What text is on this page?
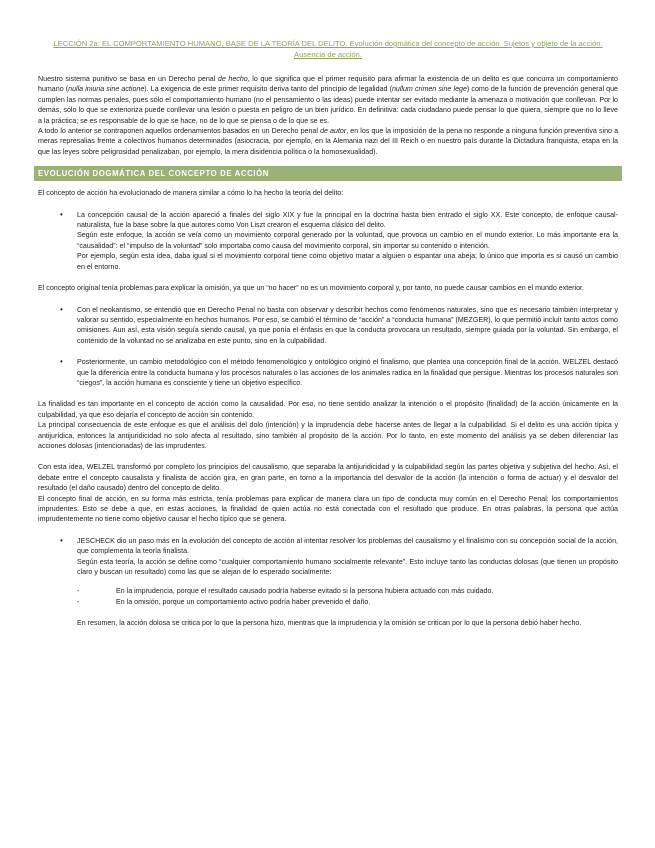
LECCIÓN 2a: EL COMPORTAMIENTO HUMANO, BASE DE LA TEORÍA DEL DELITO. Evolución dogmática del concepto de acción. Sujetos y objeto de la acción. Ausencia de acción.

Nuestro sistema punitivo se basa en un Derecho penal de hecho, lo que significa que el primer requisito para afirmar la existencia de un delito es que concurra un comportamiento humano (nulla iniuria sine actione). La exigencia de este primer requisito deriva tanto del principio de legalidad (nullum crimen sine lege) como de la función de prevención general que cumplen las normas penales, pues sólo el comportamiento humano (no el pensamiento o las ideas) puede intentar ser evitado mediante la amenaza o motivación que conllevan. Por lo demás, sólo lo que se exterioriza puede conllevar una lesión o puesta en peligro de un bien jurídico. En definitiva: cada ciudadano puede pensar lo que quiera, siempre que no lo lleve a la práctica; se es responsable de lo que se hace, no de lo que se piensa o de lo que se es.

A todo lo anterior se contraponen aquellos ordenamientos basados en un Derecho penal de autor, en los que la imposición de la pena no responde a ninguna función preventiva sino a meras represalias frente a colectivos humanos determinados (asiocracia, por ejemplo, en la Alemania nazi del III Reich o en nuestro país durante la Dictadura franquista, etapa en la que las leyes sobre peligrosidad penalizaban, por ejemplo, la mera disidencia política o la homosexualidad).

EVOLUCIÓN DOGMÁTICA DEL CONCEPTO DE ACCIÓN

El concepto de acción ha evolucionado de manera similar a cómo lo ha hecho la teoría del delito:

• La concepción causal de la acción apareció a finales del siglo XIX y fue la principal en la doctrina hasta bien entrado el siglo XX. Este concepto, de enfoque causal-naturalista, fue la base sobre la que autores como Von Liszt crearon el esquema clásico del delito.

Según este enfoque, la acción se veía como un movimiento corporal generado por la voluntad, que provoca un cambio en el mundo exterior. Lo más importante era la “causalidad”: el “impulso de la voluntad” solo importaba como causa del movimiento corporal, sin importar su contenido o intención.

Por ejemplo, según esta idea, daba igual si el movimiento corporal tiene como objetivo matar a alguien o espantar una abeja; lo único que importa es si causó un cambio en el entorno.

El concepto original tenía problemas para explicar la omisión, ya que un “no hacer” no es un movimiento corporal y, por tanto, no puede causar cambios en el mundo exterior.

• Con el neokantismo, se entendió que en Derecho Penal no basta con observar y describir hechos como fenómenos naturales, sino que es necesario también interpretar y valorar su sentido, especialmente en hechos humanos. Por eso, se cambió el término de “acción” a “conducta humana” (MEZGER), lo que permitió incluir tanto actos como omisiones. Aun así, esta visión seguía siendo causal, ya que ponía el énfasis en que la conducta provocara un resultado, siempre guiada por la voluntad. Sin embargo, el contenido de la voluntad no se analizaba en este punto, sino en la culpabilidad.

• Posteriormente, un cambio metodológico con el método fenomenológico y ontológico originó el finalismo, que plantea una concepción final de la acción. WELZEL destacó que la diferencia entre la conducta humana y los procesos naturales o las acciones de los animales radica en la finalidad que persigue. Mientras los procesos naturales son “ciegos”, la acción humana es consciente y tiene un objetivo específico.

La finalidad es tan importante en el concepto de acción como la causalidad. Por eso, no tiene sentido analizar la intención o el propósito (finalidad) de la acción únicamente en la culpabilidad, ya que eso dejaría el concepto de acción sin contenido.

La principal consecuencia de este enfoque es que el análisis del dolo (intención) y la imprudencia debe hacerse antes de llegar a la culpabilidad. Si el delito es una acción típica y antijurídica, entonces la antijuridicidad no solo afecta al resultado, sino también al propósito de la acción. Por lo tanto, en este momento del análisis ya se deben diferenciar las acciones dolosas (intencionadas) de las imprudentes.

Con esta idea, WELZEL transformó por completo los principios del causalismo, que separaba la antijuridicidad y la culpabilidad según las partes objetiva y subjetiva del hecho. Así, el debate entre el concepto causalista y finalista de acción gira, en gran parte, en torno a la importancia del desvalor de la acción (la intención o forma de actuar) y el desvalor del resultado (el daño causado) dentro del concepto de delito.

El concepto final de acción, en su forma más estricta, tenía problemas para explicar de manera clara un tipo de conducta muy común en el Derecho Penal: los comportamientos imprudentes. Esto se debe a que, en estas acciones, la finalidad de quien actúa no está conectada con el resultado que produce. En otras palabras, la persona que actúa imprudentemente no tiene como objetivo causar el hecho típico que se genera.

• JESCHECK dio un paso más en la evolución del concepto de acción al intentar resolver los problemas del causalismo y el finalismo con su concepción social de la acción, que complementa la teoría finalista.

Según esta teoría, la acción se define como “cualquier comportamiento humano socialmente relevante”. Esto incluye tanto las conductas dolosas (que tienen un propósito claro y buscan un resultado) como las que se alejan de lo esperado socialmente:

-	En la imprudencia, porque el resultado causado podría haberse evitado si la persona hubiera actuado con más cuidado.
-	En la omisión, porque un comportamiento activo podría haber prevenido el daño.

En resumen, la acción dolosa se critica por lo que la persona hizo, mientras que la imprudencia y la omisión se critican por lo que la persona debió haber hecho.
